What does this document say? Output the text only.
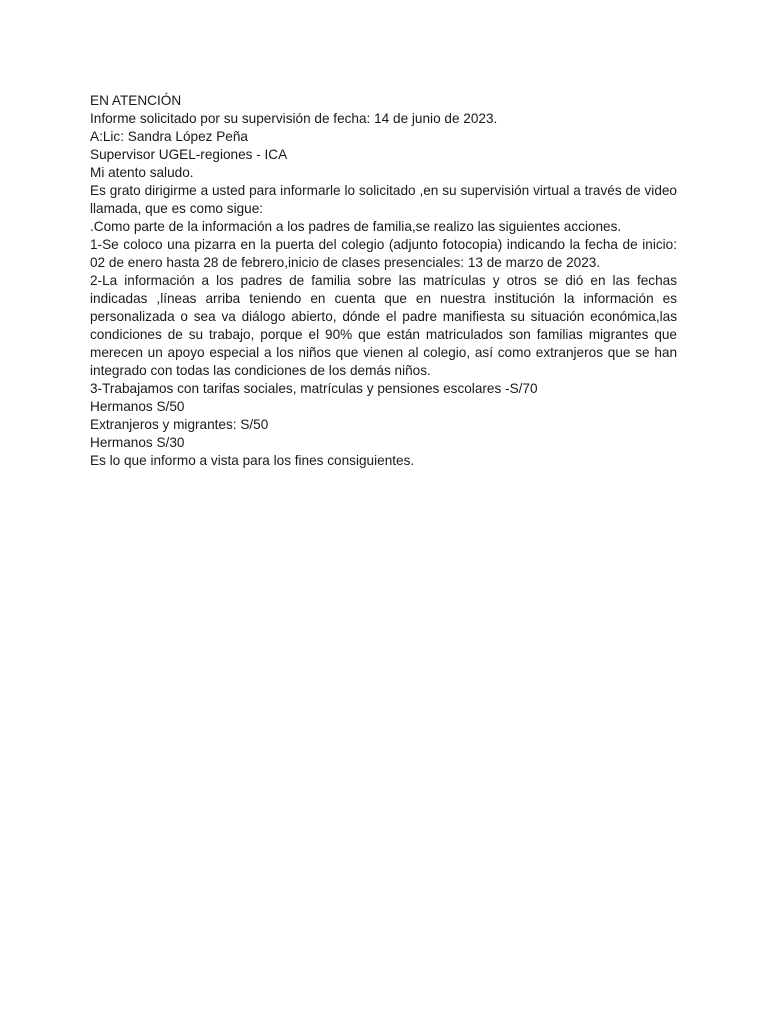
EN ATENCIÓN

Informe solicitado por su supervisión de fecha: 14 de junio de 2023.

A:Lic: Sandra López Peña

Supervisor UGEL-regiones - ICA

Mi atento saludo.

Es grato dirigirme a usted para informarle lo solicitado ,en su supervisión virtual a través de video llamada, que es como sigue:

.Como parte de la información a los padres de familia,se realizo las siguientes acciones.

1-Se coloco una pizarra en la puerta del colegio (adjunto fotocopia) indicando la fecha de inicio: 02 de enero hasta 28 de febrero,inicio de clases presenciales: 13 de marzo de 2023.

2-La información a los padres de familia sobre las matrículas y otros se dió en las fechas indicadas ,líneas arriba teniendo en cuenta que en nuestra institución la información es personalizada o sea va diálogo abierto, dónde el padre manifiesta su situación económica,las condiciones de su trabajo, porque el 90% que están matriculados son familias migrantes que merecen un apoyo especial a los niños que vienen al colegio, así como extranjeros que se han integrado con todas las condiciones de los demás niños.

3-Trabajamos con tarifas sociales, matrículas y pensiones escolares -S/70

Hermanos S/50

Extranjeros y migrantes: S/50

Hermanos S/30

Es lo que informo a vista para los fines consiguientes.
